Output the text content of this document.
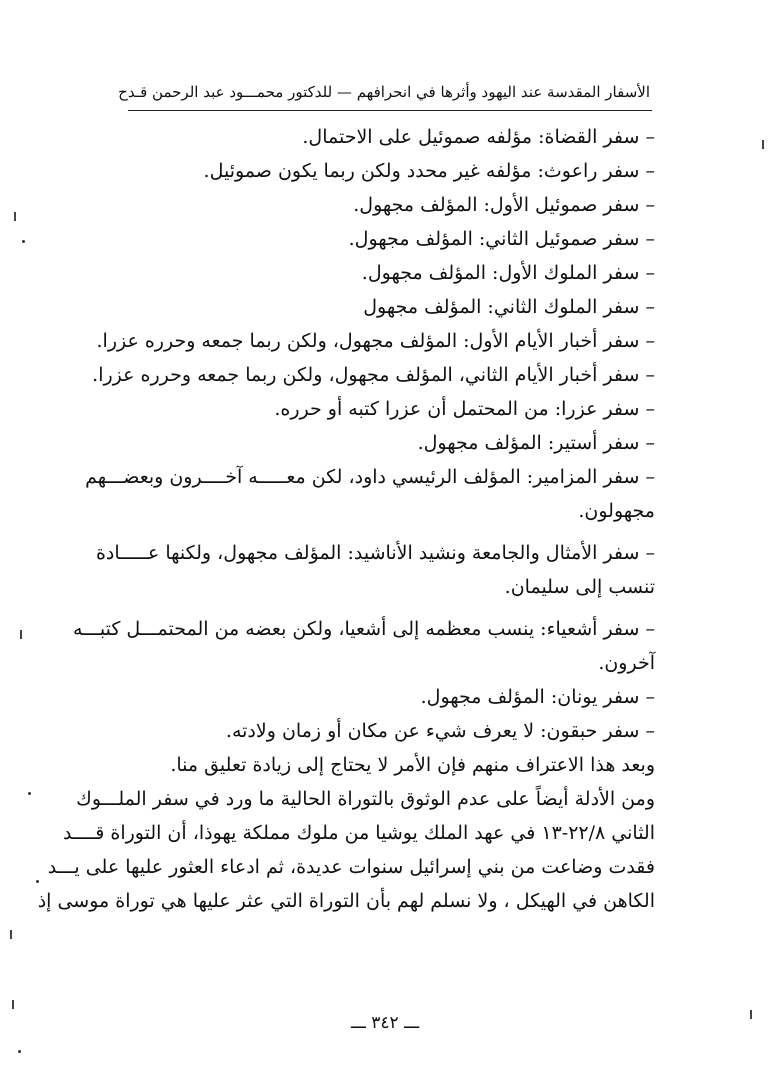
الأسفار المقدسة عند اليهود وأثرها في انحرافهم — للدكتور محمـــود عبد الرحمن قـدح
– سفر القضاة: مؤلفه صموئيل على الاحتمال.
– سفر راعوث: مؤلفه غير محدد ولكن ربما يكون صموئيل.
– سفر صموئيل الأول: المؤلف مجهول.
– سفر صموئيل الثاني: المؤلف مجهول.
– سفر الملوك الأول: المؤلف مجهول.
– سفر الملوك الثاني: المؤلف مجهول
– سفر أخبار الأيام الأول: المؤلف مجهول، ولكن ربما جمعه وحرره عزرا.
– سفر أخبار الأيام الثاني، المؤلف مجهول، ولكن ربما جمعه وحرره عزرا.
– سفر عزرا: من المحتمل أن عزرا كتبه أو حرره.
– سفر أستير: المؤلف مجهول.
– سفر المزامير: المؤلف الرئيسي داود، لكن معـــــه آخــــرون وبعضـــهم
مجهولون.
– سفر الأمثال والجامعة ونشيد الأناشيد: المؤلف مجهول، ولكنها عـــــادة
تنسب إلى سليمان.
– سفر أشعياء: ينسب معظمه إلى أشعيا، ولكن بعضه من المحتمـــل كتبـــه
آخرون.
– سفر يونان: المؤلف مجهول.
– سفر حبقون: لا يعرف شيء عن مكان أو زمان ولادته.
وبعد هذا الاعتراف منهم فإن الأمر لا يحتاج إلى زيادة تعليق منا.
ومن الأدلة أيضاً على عدم الوثوق بالتوراة الحالية ما ورد في سفر الملـــوك
الثاني ٢٢/٨-١٣ في عهد الملك يوشيا من ملوك مملكة يهوذا، أن التوراة قــــد
فقدت وضاعت من بني إسرائيل سنوات عديدة، ثم ادعاء العثور عليها على يـــد
الكاهن في الهيكل ، ولا نسلم لهم بأن التوراة التي عثر عليها هي توراة موسى إذ
ـــ ٣٤٢ ـــ
